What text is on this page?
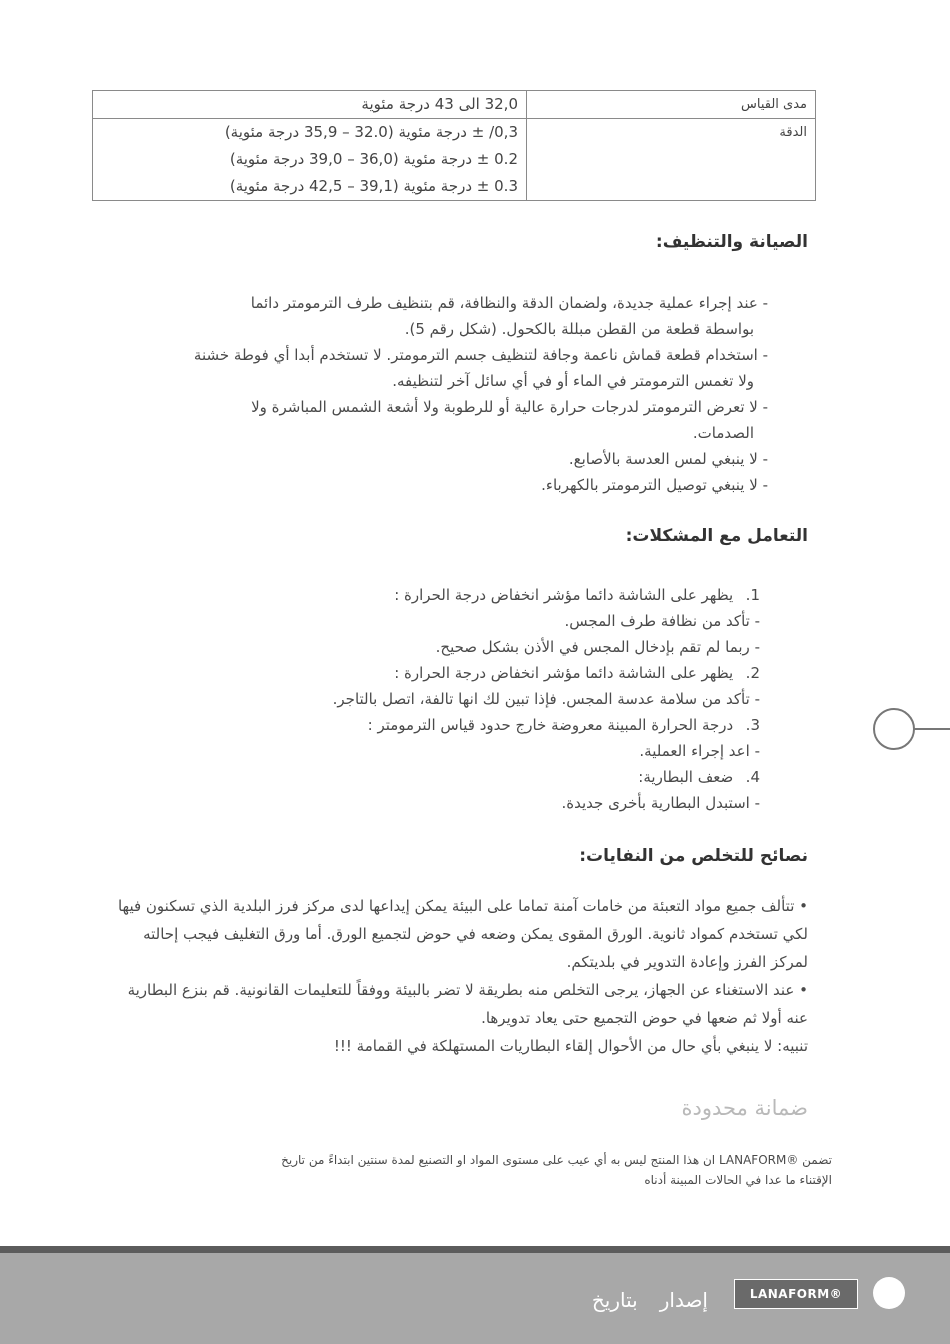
مدى القياس	32,0 الى 43 درجة مئوية

الدقة	0,3/ ± درجة مئوية (32.0 – 35,9 درجة مئوية)
0.2 ± درجة مئوية (36,0 – 39,0 درجة مئوية)
0.3 ± درجة مئوية (39,1 – 42,5 درجة مئوية)
الصيانة والتنظيف:
- عند إجراء عملية جديدة، ولضمان الدقة والنظافة، قم بتنظيف طرف الترمومتر دائما
بواسطة قطعة من القطن مبللة بالكحول. (شكل رقم 5).
- استخدام قطعة قماش ناعمة وجافة لتنظيف جسم الترمومتر. لا تستخدم أبدا أي فوطة خشنة
ولا تغمس الترمومتر في الماء أو في أي سائل آخر لتنظيفه.
- لا تعرض الترمومتر لدرجات حرارة عالية أو للرطوبة ولا أشعة الشمس المباشرة ولا
الصدمات.
- لا ينبغي لمس العدسة بالأصابع.
- لا ينبغي توصيل الترمومتر بالكهرباء.
التعامل مع المشكلات:
1. يظهر على الشاشة دائما مؤشر انخفاض درجة الحرارة :
- تأكد من نظافة طرف المجس.
- ربما لم تقم بإدخال المجس في الأذن بشكل صحيح.
2. يظهر على الشاشة دائما مؤشر انخفاض درجة الحرارة :
- تأكد من سلامة عدسة المجس. فإذا تبين لك انها تالفة، اتصل بالتاجر.
3. درجة الحرارة المبينة معروضة خارج حدود قياس الترمومتر :
- اعد إجراء العملية.
4. ضعف البطارية:
- استبدل البطارية بأخرى جديدة.
نصائح للتخلص من النفايات:

• تتألف جميع مواد التعبئة من خامات آمنة تماما على البيئة يمكن إيداعها لدى مركز فرز البلدية الذي تسكنون فيها لكي تستخدم كمواد ثانوية. الورق المقوى يمكن وضعه في حوض لتجميع الورق. أما ورق التغليف فيجب إحالته لمركز الفرز وإعادة التدوير في بلديتكم.

• عند الاستغناء عن الجهاز، يرجى التخلص منه بطريقة لا تضر بالبيئة ووفقاً للتعليمات القانونية. قم بنزع البطارية عنه أولا ثم ضعها في حوض التجميع حتى يعاد تدويرها.

تنبيه: لا ينبغي بأي حال من الأحوال إلقاء البطاريات المستهلكة في القمامة !!!

ضمانة محدودة

تضمن ®LANAFORM ان هذا المنتج ليس به أي عيب على مستوى المواد او التصنيع لمدة سنتين ابتداءً من تاريخ

الإقتناء ما عدا في الحالات المبينة أدناه

إصداربتاريخ	LANAFORM®
